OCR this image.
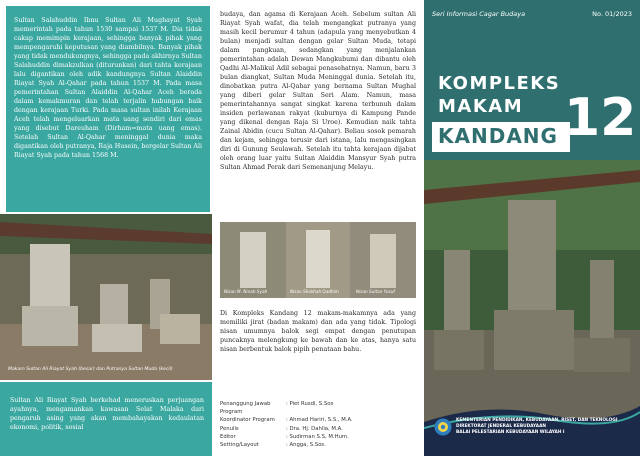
Sultan Salahuddin Ibnu Sultan Ali Mughayat Syah memerintah pada tahun 1530 sampai 1537 M. Dia tidak cakap memimpin kerajaan, sehingga banyak pihak yang mempengaruhi keputusan yang diambilnya. Banyak pihak yang tidak mendukungnya, sehingga pada akhirnya Sultan Salahuddin dimakzulkan (diturunkan) dari tahta kerajaan lalu digantikan oleh adik kandungnya Sultan Alaiddin Riayat Syah Al-Qahar pada tahun 1537 M. Pada masa pemerintahan Sultan Alaiddin Al-Qahar Aceh berada dalam kemakmuran dan telah terjalin hubungan baik dengan kerajaan Turki. Pada masa sultan inilah Kerajaan Aceh telah mengeluarkan mata uang sendiri dari emas yang disebut Dareuham (Dirham=mata uang emas). Setelah Sultan Al-Qahar meninggal dunia maka digantikan oleh putranya, Raja Husein, bergelar Sultan Ali Riayat Syah pada tahun 1568 M.
Makam Sultan Ali Riayat Syah (besar) dan Putranya Sultan Muda (kecil)
Sultan Ali Riayat Syah berkehad meneruskan perjuangan ayahnya, mengamankan kawasan Selat Malaka dari pengaruh asing yang akan membahayakan kedaulatan ekonomi, politik, sosial
budaya, dan agama di Kerajaan Aceh. Sebelum sultan Ali Riayat Syah wafat, dia telah mengangkat putranya yang masih kecil berumur 4 tahun (adapula yang menyebutkan 4 bulan) menjadi sultan dengan gelar Sultan Muda, tetapi dalam pangkuan, sedangkan yang menjalankan pemerintahan adalah Dewan Mangkubumi dan dibantu oleh Qadhi Al-Malikul Adil sebagai penasehatnya. Namun, baru 3 bulan diangkat, Sultan Muda Meninggal dunia. Setelah itu, dinobatkan putra Al-Qahar yang bernama Sultan Mughal yang diberi gelar Sultan Seri Alam. Namun, masa pemerintahannya sangat singkat karena terbunuh dalam insiden perlawanan rakyat (kuburnya di Kampung Pande yang dikenal dengan Raja Si Uroe). Kemudian naik tahta Zainal Abidin (cucu Sultan Al-Qahar). Beliau sosok pemarah dan kejam, sehingga terusir dari istana, lalu mengasingkan diri di Gunung Seulawah. Setelah itu tahta kerajaan dijabat oleh orang luar yaitu Sultan Alaiddin Mansyur Syah putra Sultan Ahmad Perak dari Semenanjung Melayu.
Nisan M. Ninah Syah	Nisan Sholihah Qadhim	Nisan Sultan Yusuf
Di Kompleks Kandang 12 makam-makamnya ada yang memiliki jirat (badan makam) dan ada yang tidak. Tipologi nisan umumnya balok segi empat dengan penutupan puncaknya melengkung ke bawah dan ke atas, hanya satu nisan berbentuk balok pipih penataan bahu.
Penanggung Jawab Program
: Piet Rusdi, S.Sos
Koordinator Program	: Ahmad Hariri, S.S., M.A.
Penulis	: Dra. Hj. Dahlia, M.A.
Editor	: Sudirman S.S, M.Hum.
Setting/Layout	: Angga, S.Sos.
Seri Informasi Cagar Budaya	No. 01/2023
KOMPLEKS
MAKAM
KANDANG 12
KEMENTERIAN PENDIDIKAN, KEBUDAYAAN, RISET, DAN TEKNOLOGI
DIREKTORAT JENDERAL KEBUDAYAAN
BALAI PELESTARIAN KEBUDAYAAN WILAYAH I
